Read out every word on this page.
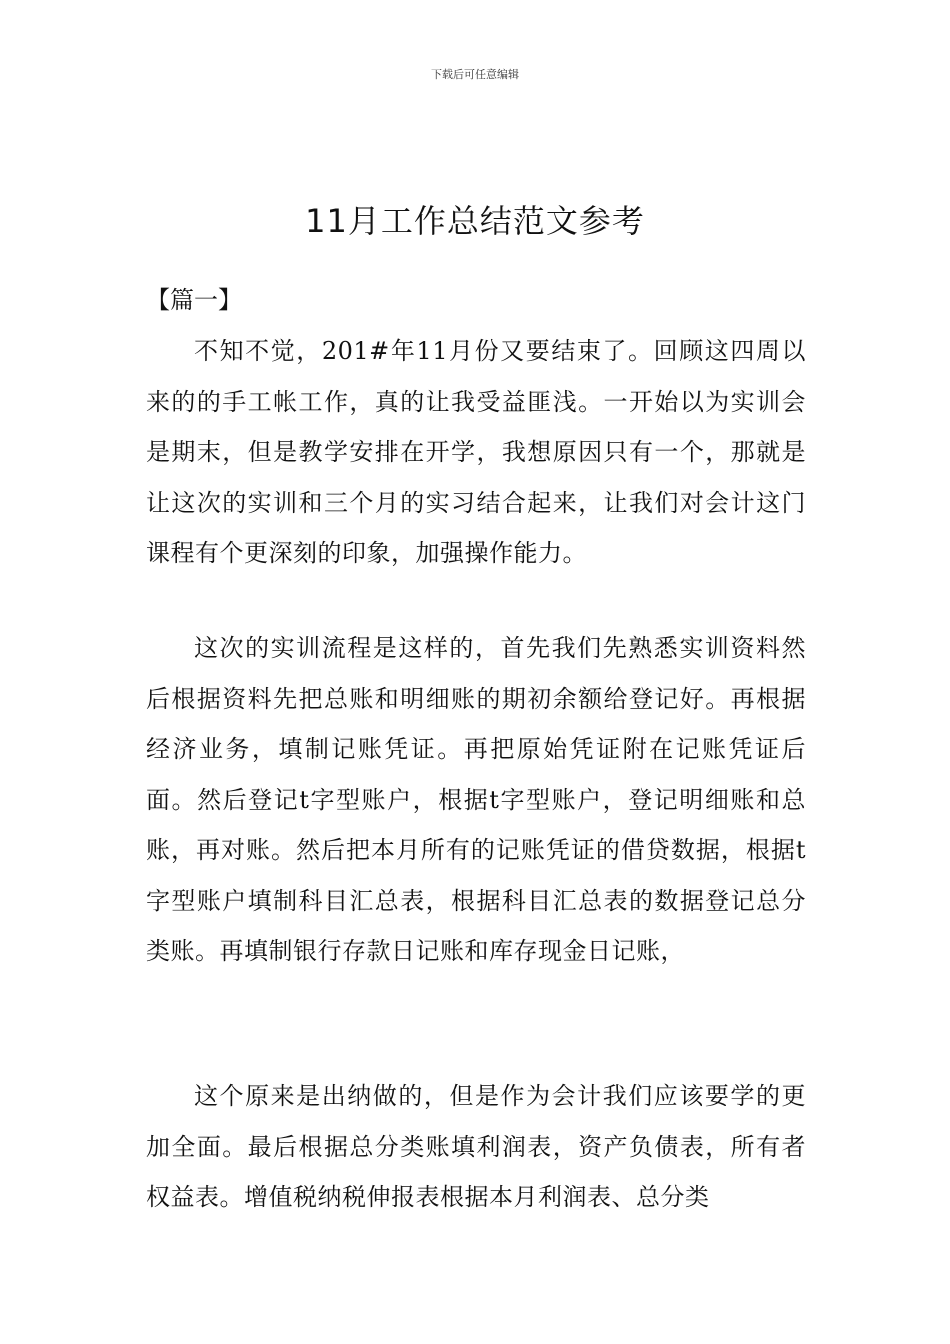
下载后可任意编辑
11月工作总结范文参考
【篇一】

不知不觉，201#年11月份又要结束了。回顾这四周以来的的手工帐工作，真的让我受益匪浅。一开始以为实训会是期末，但是教学安排在开学，我想原因只有一个，那就是让这次的实训和三个月的实习结合起来，让我们对会计这门课程有个更深刻的印象，加强操作能力。

这次的实训流程是这样的，首先我们先熟悉实训资料然后根据资料先把总账和明细账的期初余额给登记好。再根据经济业务，填制记账凭证。再把原始凭证附在记账凭证后面。然后登记t字型账户，根据t字型账户，登记明细账和总账，再对账。然后把本月所有的记账凭证的借贷数据，根据t字型账户填制科目汇总表，根据科目汇总表的数据登记总分类账。再填制银行存款日记账和库存现金日记账，

这个原来是出纳做的，但是作为会计我们应该要学的更加全面。最后根据总分类账填利润表，资产负债表，所有者权益表。增值税纳税伸报表根据本月利润表、总分类
